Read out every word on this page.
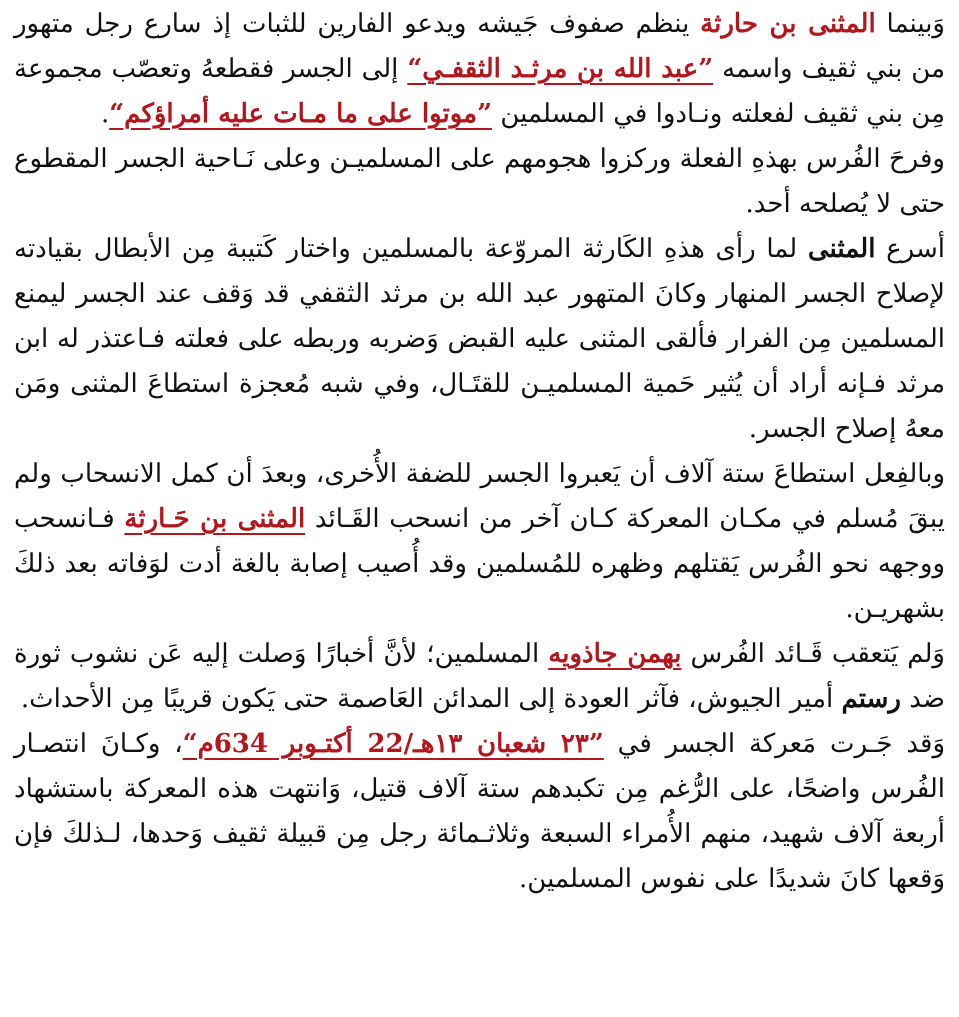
وَبينما المثنى بن حارثة ينظم صفوف جَيشه ويدعو الفارين للثبات إذ سارع رجل متهور من بني ثقيف واسمه ”عبد الله بن مرثـد الثقفـي“ إلى الجسر فقطعهُ وتعصّب مجموعة مِن بني ثقيف لفعلته ونـادوا في المسلمين ”موتوا على ما مـات عليه أمراؤكم“.

وفرحَ الفُرس بهذهِ الفعلة وركزوا هجومهم على المسلميـن وعلى نَـاحية الجسر المقطوع حتى لا يُصلحه أحد.

أسرع المثنى لما رأى هذهِ الكَارثة المروّعة بالمسلمين واختار كَتيبة مِن الأبطال بقيادته لإصلاح الجسر المنهار وكانَ المتهور عبد الله بن مرثد الثقفي قد وَقف عند الجسر ليمنع المسلمين مِن الفرار فألقى المثنى عليه القبض وَضربه وربطه على فعلته فـاعتذر له ابن مرثد فـإنه أراد أن يُثير حَمية المسلميـن للقتَـال، وفي شبه مُعجزة استطاعَ المثنى ومَن معهُ إصلاح الجسر.

وبالفِعل استطاعَ ستة آلاف أن يَعبروا الجسر للضفة الأُخرى، وبعدَ أن كمل الانسحاب ولم يبقَ مُسلم في مكـان المعركة كـان آخر من انسحب القَـائد المثنى بن حَـارثة فـانسحب ووجهه نحو الفُرس يَقتلهم وظهره للمُسلمين وقد أُصيب إصابة بالغة أدت لوَفاته بعد ذلكَ بشهريـن.

وَلم يَتعقب قَـائد الفُرس بهمن جاذويه المسلمين؛ لأنَّ أخبارًا وَصلت إليه عَن نشوب ثورة ضد رستم أمير الجيوش، فآثر العودة إلى المدائن العَاصمة حتى يَكون قريبًا مِن الأحداث.

وَقد جَـرت مَعركة الجسر في ”٢٣ شعبان ١٣هـ/22 أكتـوبر 634م“، وكـانَ انتصـار الفُرس واضحًا، على الرُّغم مِن تكبدهم ستة آلاف قتيل، وَانتهت هذه المعركة باستشهاد أربعة آلاف شهيد، منهم الأُمراء السبعة وثلاثـمائة رجل مِن قبيلة ثقيف وَحدها، لـذلكَ فإن وَقعها كانَ شديدًا على نفوس المسلمين.
